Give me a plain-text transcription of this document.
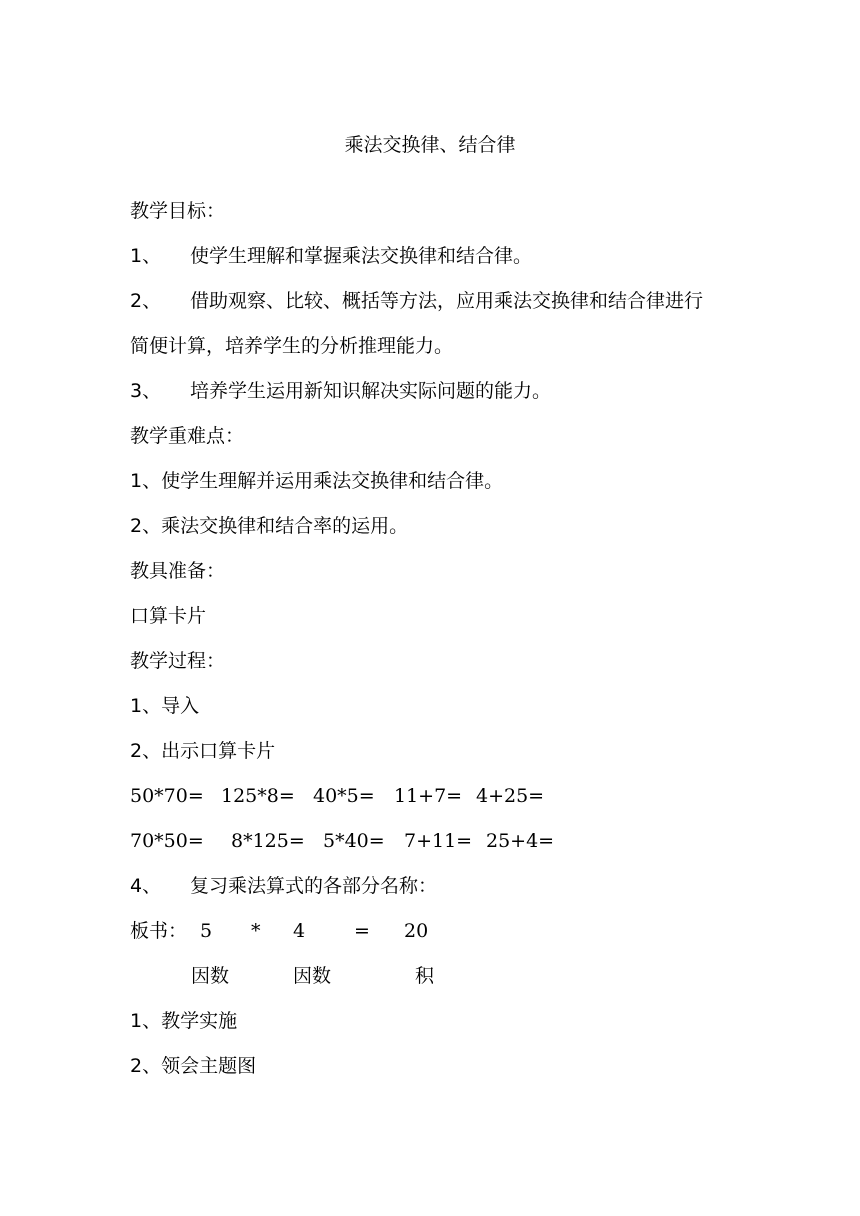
乘法交换律、结合律
教学目标：
1、 使学生理解和掌握乘法交换律和结合律。
2、 借助观察、比较、概括等方法，应用乘法交换律和结合律进行
简便计算，培养学生的分析推理能力。
3、 培养学生运用新知识解决实际问题的能力。
教学重难点：
1、使学生理解并运用乘法交换律和结合律。
2、乘法交换律和结合率的运用。
教具准备：
口算卡片
教学过程：
1、导入
2、出示口算卡片
50*70= 125*8= 40*5= 11+7= 4+25=
70*50= 8*125= 5*40= 7+11= 25+4=
4、 复习乘法算式的各部分名称：
板书： 5 * 4	= 20
因数	因数	积
1、教学实施
2、领会主题图
